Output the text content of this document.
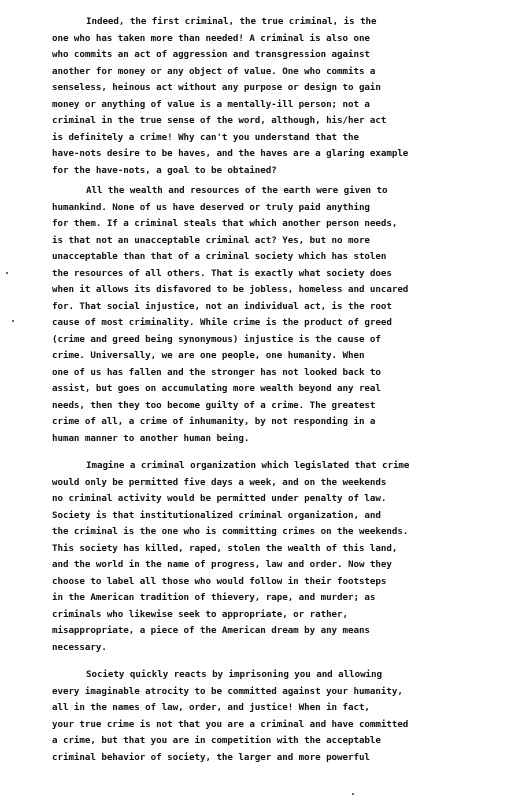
Indeed, the first criminal, the true criminal, is the
one who has taken more than needed! A criminal is also one
who commits an act of aggression and transgression against
another for money or any object of value. One who commits a
senseless, heinous act without any purpose or design to gain
money or anything of value is a mentally-ill person; not a
criminal in the true sense of the word, although, his/her act
is definitely a crime! Why can't you understand that the
have-nots desire to be haves, and the haves are a glaring example
for the have-nots, a goal to be obtained?
All the wealth and resources of the earth were given to
humankind. None of us have deserved or truly paid anything
for them. If a criminal steals that which another person needs,
is that not an unacceptable criminal act? Yes, but no more
unacceptable than that of a criminal society which has stolen
the resources of all others. That is exactly what society does
when it allows its disfavored to be jobless, homeless and uncared
for. That social injustice, not an individual act, is the root
cause of most criminality. While crime is the product of greed
(crime and greed being synonymous) injustice is the cause of
crime. Universally, we are one people, one humanity. When
one of us has fallen and the stronger has not looked back to
assist, but goes on accumulating more wealth beyond any real
needs, then they too become guilty of a crime. The greatest
crime of all, a crime of inhumanity, by not responding in a
human manner to another human being.
Imagine a criminal organization which legislated that crime
would only be permitted five days a week, and on the weekends
no criminal activity would be permitted under penalty of law.
Society is that institutionalized criminal organization, and
the criminal is the one who is committing crimes on the weekends.
This society has killed, raped, stolen the wealth of this land,
and the world in the name of progress, law and order. Now they
choose to label all those who would follow in their footsteps
in the American tradition of thievery, rape, and murder; as
criminals who likewise seek to appropriate, or rather,
misappropriate, a piece of the American dream by any means
necessary.
Society quickly reacts by imprisoning you and allowing
every imaginable atrocity to be committed against your humanity,
all in the names of law, order, and justice! When in fact,
your true crime is not that you are a criminal and have committed
a crime, but that you are in competition with the acceptable
criminal behavior of society, the larger and more powerful
